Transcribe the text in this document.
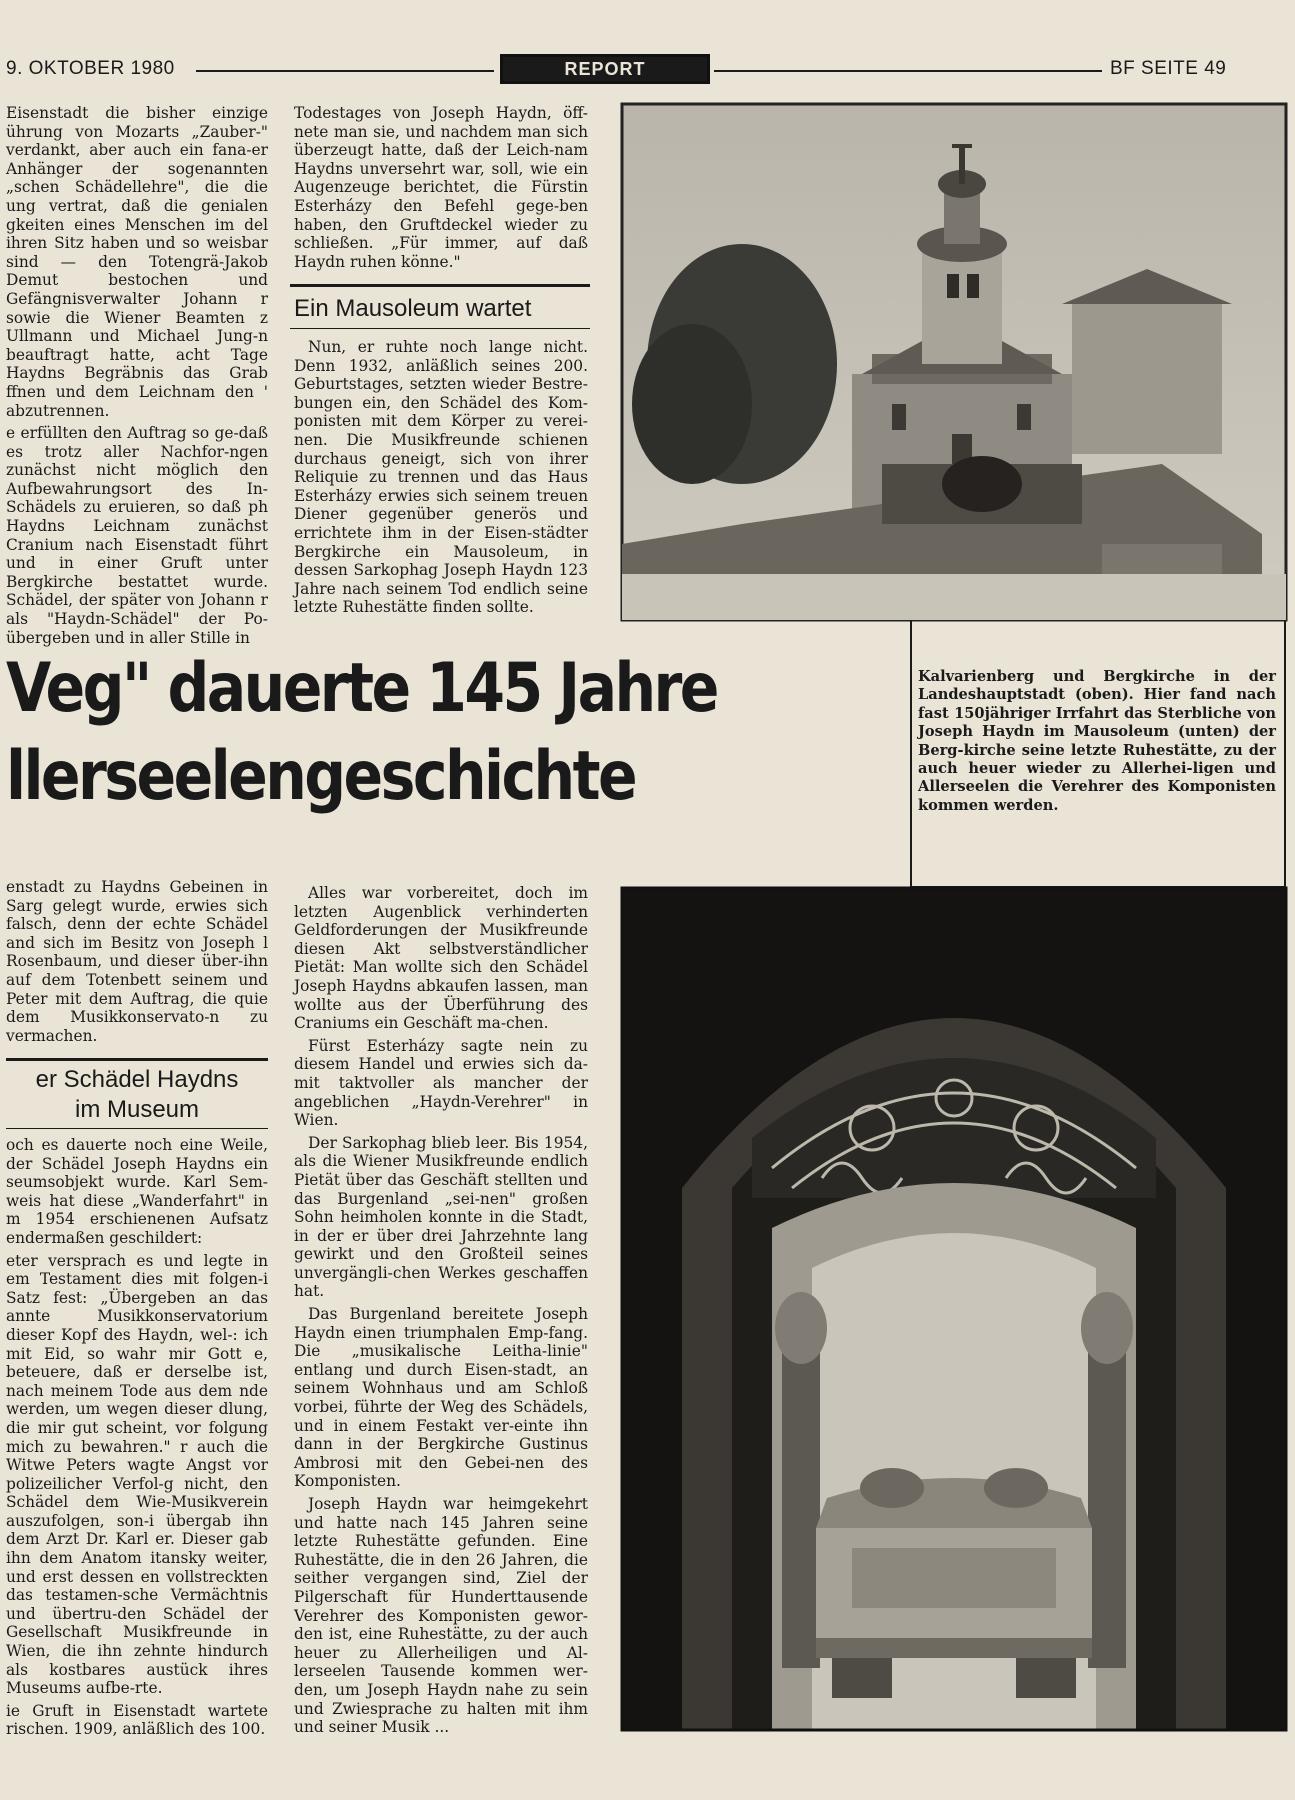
9. OKTOBER 1980	REPORT	BF SEITE 49

Eisenstadt die bisher einzige ührung von Mozarts „Zauber-" verdankt, aber auch ein fana-er Anhänger der sogenannten „schen Schädellehre", die die ung vertrat, daß die genialen gkeiten eines Menschen im del ihren Sitz haben und so weisbar sind — den Totengrä-Jakob Demut bestochen und Gefängnisverwalter Johann r sowie die Wiener Beamten z Ullmann und Michael Jung-n beauftragt hatte, acht Tage Haydns Begräbnis das Grab ffnen und dem Leichnam den ' abzutrennen.

e erfüllten den Auftrag so ge-daß es trotz aller Nachfor-ngen zunächst nicht möglich den Aufbewahrungsort des In-Schädels zu eruieren, so daß ph Haydns Leichnam zunächst Cranium nach Eisenstadt führt und in einer Gruft unter Bergkirche bestattet wurde. Schädel, der später von Johann r als "Haydn-Schädel" der Po-übergeben und in aller Stille in

Todestages von Joseph Haydn, öff-nete man sie, und nachdem man sich überzeugt hatte, daß der Leich-nam Haydns unversehrt war, soll, wie ein Augenzeuge berichtet, die Fürstin Esterházy den Befehl gege-ben haben, den Gruftdeckel wieder zu schließen. „Für immer, auf daß Haydn ruhen könne."

Ein Mausoleum wartet

Nun, er ruhte noch lange nicht. Denn 1932, anläßlich seines 200. Geburtstages, setzten wieder Bestre-bungen ein, den Schädel des Kom-ponisten mit dem Körper zu verei-nen. Die Musikfreunde schienen durchaus geneigt, sich von ihrer Reliquie zu trennen und das Haus Esterházy erwies sich seinem treuen Diener gegenüber generös und errichtete ihm in der Eisen-städter Bergkirche ein Mausoleum, in dessen Sarkophag Joseph Haydn 123 Jahre nach seinem Tod endlich seine letzte Ruhestätte finden sollte.

Veg" dauerte 145 Jahre
llerseelengeschichte
Kalvarienberg und Bergkirche in der Landeshauptstadt (oben). Hier fand nach fast 150jähriger Irrfahrt das Sterbliche von Joseph Haydn im Mausoleum (unten) der Berg-kirche seine letzte Ruhestätte, zu der auch heuer wieder zu Allerhei-ligen und Allerseelen die Verehrer des Komponisten kommen werden.

enstadt zu Haydns Gebeinen in Sarg gelegt wurde, erwies sich falsch, denn der echte Schädel and sich im Besitz von Joseph l Rosenbaum, und dieser über-ihn auf dem Totenbett seinem und Peter mit dem Auftrag, die quie dem Musikkonservato-n zu vermachen.

er Schädel Haydns
im Museum

och es dauerte noch eine Weile, der Schädel Joseph Haydns ein seumsobjekt wurde. Karl Sem-weis hat diese „Wanderfahrt" in m 1954 erschienenen Aufsatz endermaßen geschildert:

eter versprach es und legte in em Testament dies mit folgen-i Satz fest: „Übergeben an das annte Musikkonservatorium dieser Kopf des Haydn, wel-: ich mit Eid, so wahr mir Gott e, beteuere, daß er derselbe ist, nach meinem Tode aus dem nde werden, um wegen dieser dlung, die mir gut scheint, vor folgung mich zu bewahren." r auch die Witwe Peters wagte Angst vor polizeilicher Verfol-g nicht, den Schädel dem Wie-Musikverein auszufolgen, son-i übergab ihn dem Arzt Dr. Karl er. Dieser gab ihn dem Anatom itansky weiter, und erst dessen en vollstreckten das testamen-sche Vermächtnis und übertru-den Schädel der Gesellschaft Musikfreunde in Wien, die ihn zehnte hindurch als kostbares austück ihres Museums aufbe-rte.

ie Gruft in Eisenstadt wartete rischen. 1909, anläßlich des 100.

Alles war vorbereitet, doch im letzten Augenblick verhinderten Geldforderungen der Musikfreunde diesen Akt selbstverständlicher Pietät: Man wollte sich den Schädel Joseph Haydns abkaufen lassen, man wollte aus der Überführung des Craniums ein Geschäft ma-chen.

Fürst Esterházy sagte nein zu diesem Handel und erwies sich da-mit taktvoller als mancher der angeblichen „Haydn-Verehrer" in Wien.

Der Sarkophag blieb leer. Bis 1954, als die Wiener Musikfreunde endlich Pietät über das Geschäft stellten und das Burgenland „sei-nen" großen Sohn heimholen konnte in die Stadt, in der er über drei Jahrzehnte lang gewirkt und den Großteil seines unvergängli-chen Werkes geschaffen hat.

Das Burgenland bereitete Joseph Haydn einen triumphalen Emp-fang. Die „musikalische Leitha-linie" entlang und durch Eisen-stadt, an seinem Wohnhaus und am Schloß vorbei, führte der Weg des Schädels, und in einem Festakt ver-einte ihn dann in der Bergkirche Gustinus Ambrosi mit den Gebei-nen des Komponisten.

Joseph Haydn war heimgekehrt und hatte nach 145 Jahren seine letzte Ruhestätte gefunden. Eine Ruhestätte, die in den 26 Jahren, die seither vergangen sind, Ziel der Pilgerschaft für Hunderttausende Verehrer des Komponisten gewor-den ist, eine Ruhestätte, zu der auch heuer zu Allerheiligen und Al-lerseelen Tausende kommen wer-den, um Joseph Haydn nahe zu sein und Zwiesprache zu halten mit ihm und seiner Musik ...
